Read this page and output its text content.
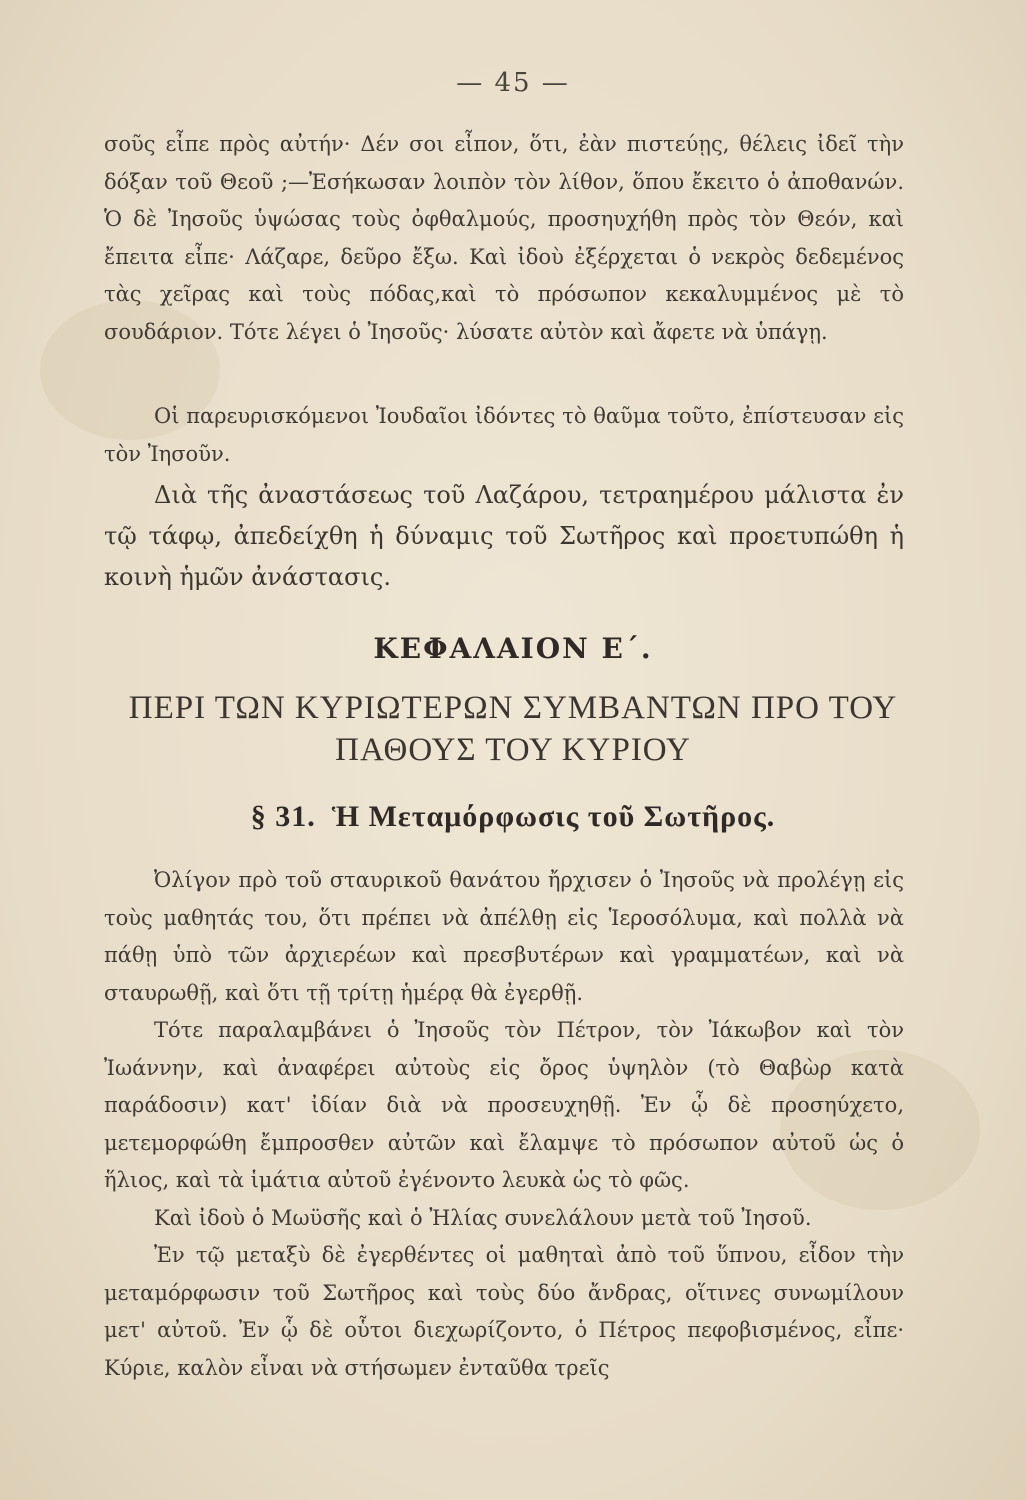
— 45 —

σοῦς εἶπε πρὸς αὐτήν· Δέν σοι εἶπον, ὅτι, ἐὰν πιστεύῃς, θέλεις ἰδεῖ τὴν δόξαν τοῦ Θεοῦ ;—Ἐσήκωσαν λοιπὸν τὸν λίθον, ὅπου ἔκειτο ὁ ἀποθανών. Ὁ δὲ Ἰησοῦς ὑψώσας τοὺς ὀφθαλμούς, προσηυχήθη πρὸς τὸν Θεόν, καὶ ἔπειτα εἶπε· Λάζαρε, δεῦρο ἔξω. Καὶ ἰδοὺ ἐξέρχεται ὁ νεκρὸς δεδεμένος τὰς χεῖρας καὶ τοὺς πόδας,καὶ τὸ πρόσωπον κεκαλυμμένος μὲ τὸ σουδάριον. Τότε λέγει ὁ Ἰησοῦς· λύσατε αὐτὸν καὶ ἄφετε νὰ ὑπάγῃ.

Οἱ παρευρισκόμενοι Ἰουδαῖοι ἰδόντες τὸ θαῦμα τοῦτο, ἐπίστευσαν εἰς τὸν Ἰησοῦν.

Διὰ τῆς ἀναστάσεως τοῦ Λαζάρου, τετραημέρου μάλιστα ἐν τῷ τάφῳ, ἀπεδείχθη ἡ δύναμις τοῦ Σωτῆρος καὶ προετυπώθη ἡ κοινὴ ἡμῶν ἀνάστασις.
ΚΕΦΑΛΑΙΟΝ Ε΄.
ΠΕΡΙ ΤΩΝ ΚΥΡΙΩΤΕΡΩΝ ΣΥΜΒΑΝΤΩΝ ΠΡΟ ΤΟΥ
ΠΑΘΟΥΣ ΤΟΥ ΚΥΡΙΟΥ
§ 31. Ἡ Μεταμόρφωσις τοῦ Σωτῆρος.

Ὀλίγον πρὸ τοῦ σταυρικοῦ θανάτου ἤρχισεν ὁ Ἰησοῦς νὰ προλέγῃ εἰς τοὺς μαθητάς του, ὅτι πρέπει νὰ ἀπέλθῃ εἰς Ἱεροσόλυμα, καὶ πολλὰ νὰ πάθῃ ὑπὸ τῶν ἀρχιερέων καὶ πρεσβυτέρων καὶ γραμματέων, καὶ νὰ σταυρωθῇ, καὶ ὅτι τῇ τρίτῃ ἡμέρᾳ θὰ ἐγερθῇ.

Τότε παραλαμβάνει ὁ Ἰησοῦς τὸν Πέτρον, τὸν Ἰάκωβον καὶ τὸν Ἰωάννην, καὶ ἀναφέρει αὐτοὺς εἰς ὄρος ὑψηλὸν (τὸ Θαβὼρ κατὰ παράδοσιν) κατ' ἰδίαν διὰ νὰ προσευχηθῇ. Ἐν ᾧ δὲ προσηύχετο, μετεμορφώθη ἔμπροσθεν αὐτῶν καὶ ἔλαμψε τὸ πρόσωπον αὐτοῦ ὡς ὁ ἥλιος, καὶ τὰ ἱμάτια αὐτοῦ ἐγένοντο λευκὰ ὡς τὸ φῶς.

Καὶ ἰδοὺ ὁ Μωϋσῆς καὶ ὁ Ἠλίας συνελάλουν μετὰ τοῦ Ἰησοῦ.

Ἐν τῷ μεταξὺ δὲ ἐγερθέντες οἱ μαθηταὶ ἀπὸ τοῦ ὕπνου, εἶδον τὴν μεταμόρφωσιν τοῦ Σωτῆρος καὶ τοὺς δύο ἄνδρας, οἵτινες συνωμίλουν μετ' αὐτοῦ. Ἐν ᾧ δὲ οὗτοι διεχωρίζοντο, ὁ Πέτρος πεφοβισμένος, εἶπε· Κύριε, καλὸν εἶναι νὰ στήσωμεν ἐνταῦθα τρεῖς
